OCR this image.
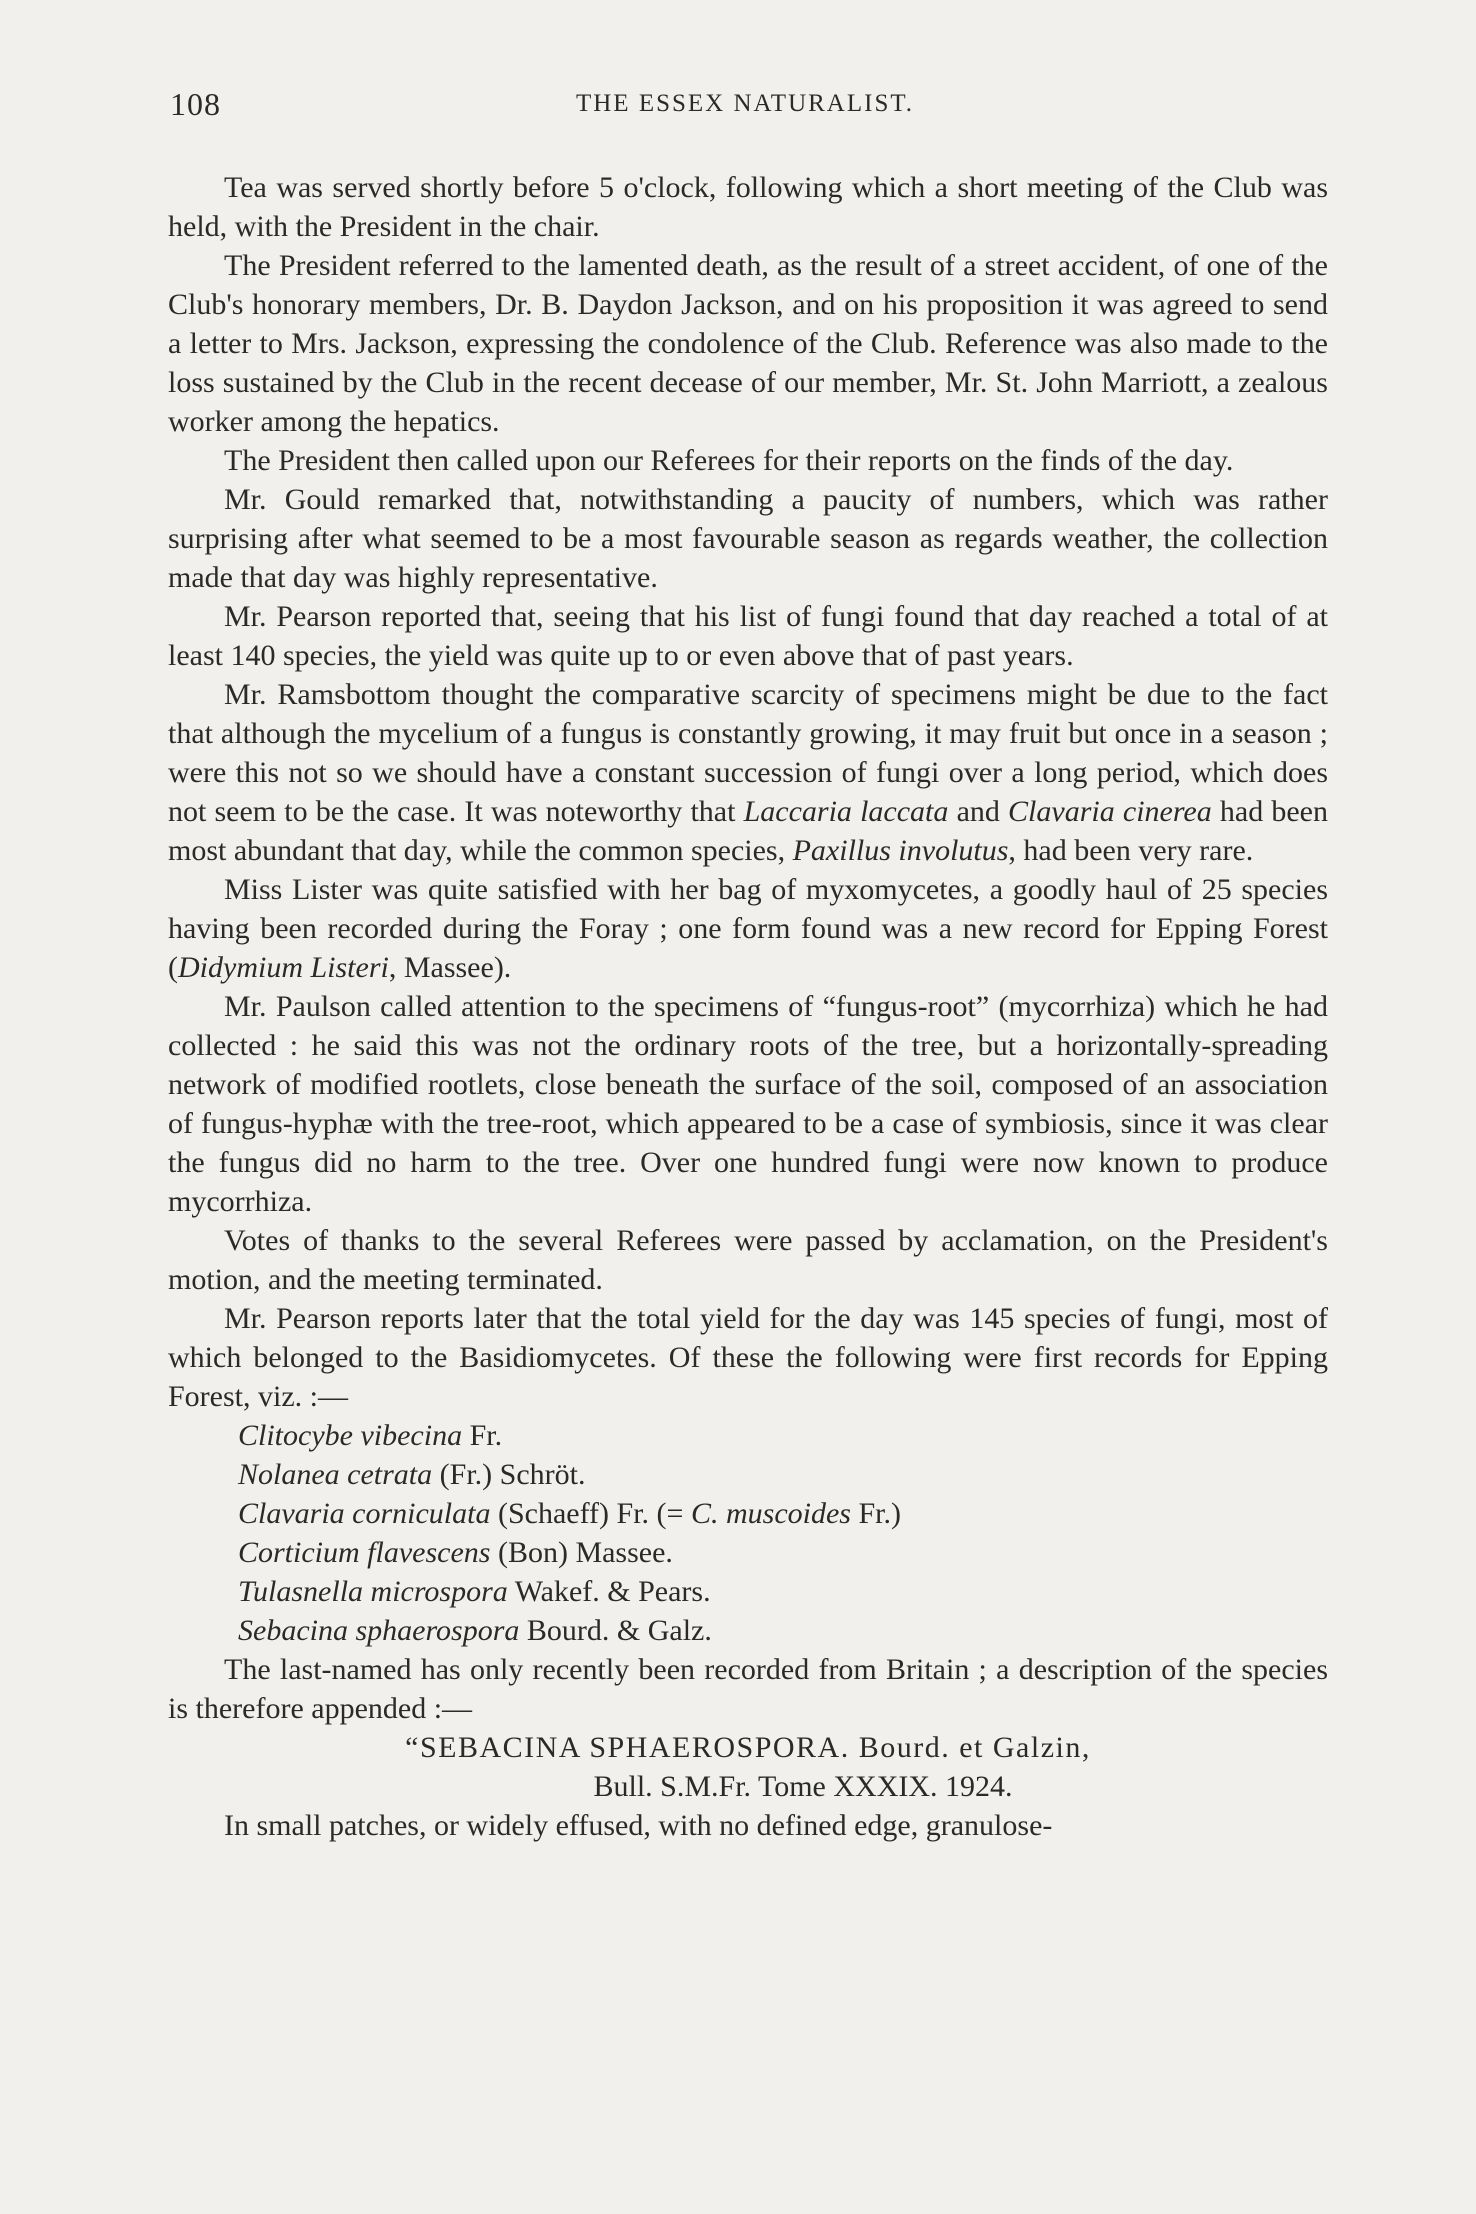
108	THE ESSEX NATURALIST.

Tea was served shortly before 5 o'clock, following which a short meeting of the Club was held, with the President in the chair.

The President referred to the lamented death, as the result of a street accident, of one of the Club's honorary members, Dr. B. Daydon Jackson, and on his proposition it was agreed to send a letter to Mrs. Jackson, expressing the condolence of the Club. Reference was also made to the loss sustained by the Club in the recent decease of our member, Mr. St. John Marriott, a zealous worker among the hepatics.

The President then called upon our Referees for their reports on the finds of the day.

Mr. Gould remarked that, notwithstanding a paucity of numbers, which was rather surprising after what seemed to be a most favourable season as regards weather, the collection made that day was highly representative.

Mr. Pearson reported that, seeing that his list of fungi found that day reached a total of at least 140 species, the yield was quite up to or even above that of past years.

Mr. Ramsbottom thought the comparative scarcity of specimens might be due to the fact that although the mycelium of a fungus is constantly growing, it may fruit but once in a season ; were this not so we should have a constant succession of fungi over a long period, which does not seem to be the case. It was noteworthy that Laccaria laccata and Clavaria cinerea had been most abundant that day, while the common species, Paxillus involutus, had been very rare.

Miss Lister was quite satisfied with her bag of myxomycetes, a goodly haul of 25 species having been recorded during the Foray ; one form found was a new record for Epping Forest (Didymium Listeri, Massee).

Mr. Paulson called attention to the specimens of “fungus-root” (mycorrhiza) which he had collected : he said this was not the ordinary roots of the tree, but a horizontally-spreading network of modified rootlets, close beneath the surface of the soil, composed of an association of fungus-hyphæ with the tree-root, which appeared to be a case of symbiosis, since it was clear the fungus did no harm to the tree. Over one hundred fungi were now known to produce mycorrhiza.

Votes of thanks to the several Referees were passed by acclamation, on the President's motion, and the meeting terminated.

Mr. Pearson reports later that the total yield for the day was 145 species of fungi, most of which belonged to the Basidiomycetes. Of these the following were first records for Epping Forest, viz. :—

Clitocybe vibecina Fr.
Nolanea cetrata (Fr.) Schröt.
Clavaria corniculata (Schaeff) Fr. (= C. muscoides Fr.)
Corticium flavescens (Bon) Massee.
Tulasnella microspora Wakef. & Pears.
Sebacina sphaerospora Bourd. & Galz.

The last-named has only recently been recorded from Britain ; a description of the species is therefore appended :—

“SEBACINA SPHAEROSPORA. Bourd. et Galzin,

Bull. S.M.Fr. Tome XXXIX. 1924.

In small patches, or widely effused, with no defined edge, granulose-
